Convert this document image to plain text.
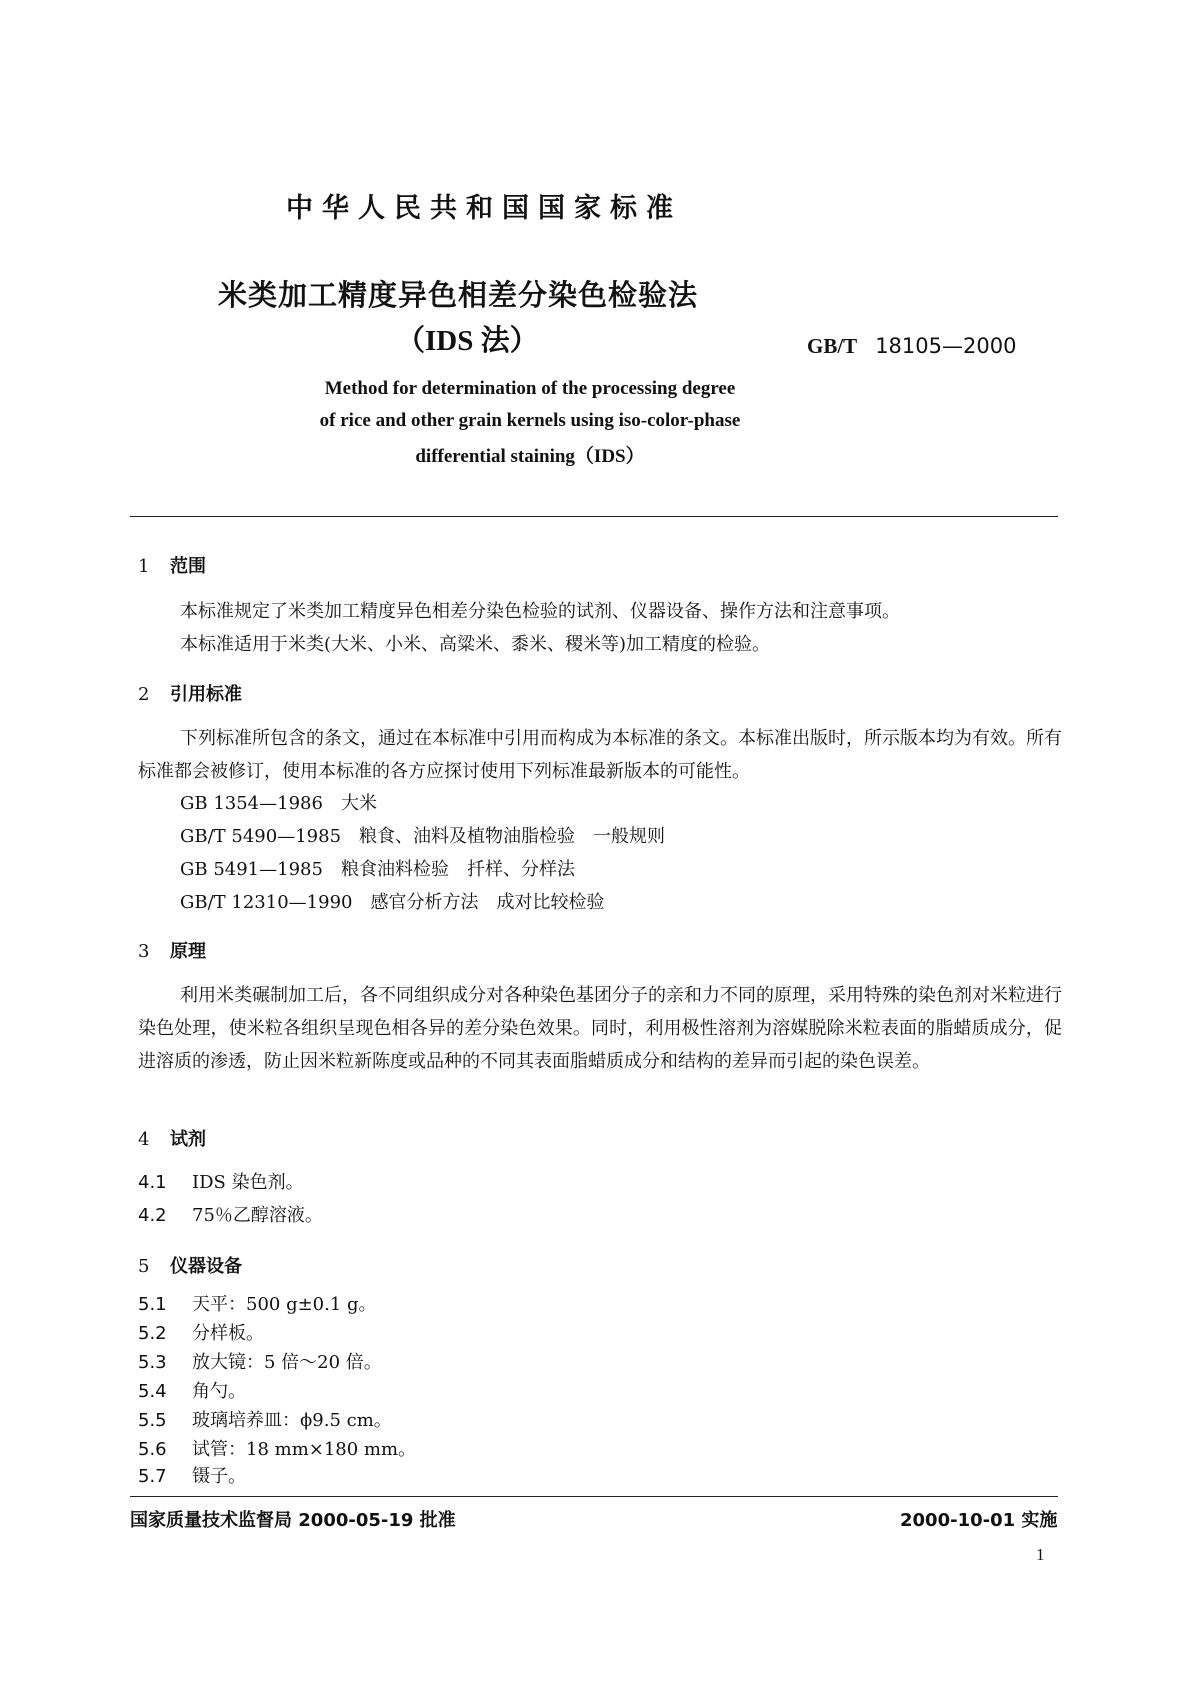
中华人民共和国国家标准
米类加工精度异色相差分染色检验法
（IDS 法）	GB/T 18105—2000
Method for determination of the processing degree
of rice and other grain kernels using iso-color-phase
differential staining（IDS）
1 范围
本标准规定了米类加工精度异色相差分染色检验的试剂、仪器设备、操作方法和注意事项。
本标准适用于米类(大米、小米、高粱米、黍米、稷米等)加工精度的检验。
2 引用标准
下列标准所包含的条文，通过在本标准中引用而构成为本标准的条文。本标准出版时，所示版本均为有效。所有标准都会被修订，使用本标准的各方应探讨使用下列标准最新版本的可能性。
GB 1354—1986　大米
GB/T 5490—1985　粮食、油料及植物油脂检验　一般规则
GB 5491—1985　粮食油料检验　扦样、分样法
GB/T 12310—1990　感官分析方法　成对比较检验
3 原理
利用米类碾制加工后，各不同组织成分对各种染色基团分子的亲和力不同的原理，采用特殊的染色剂对米粒进行染色处理，使米粒各组织呈现色相各异的差分染色效果。同时，利用极性溶剂为溶媒脱除米粒表面的脂蜡质成分，促进溶质的渗透，防止因米粒新陈度或品种的不同其表面脂蜡质成分和结构的差异而引起的染色误差。
4 试剂
4.1 IDS 染色剂。
4.2 75％乙醇溶液。
5 仪器设备
5.1 天平：500 g±0.1 g。
5.2 分样板。
5.3 放大镜：5 倍～20 倍。
5.4 角勺。
5.5 玻璃培养皿：ϕ9.5 cm。
5.6 试管：18 mm×180 mm。
国家质量技术监督局 2000-05-19 批准	2000-10-01 实施
1
5.7 镊子。
